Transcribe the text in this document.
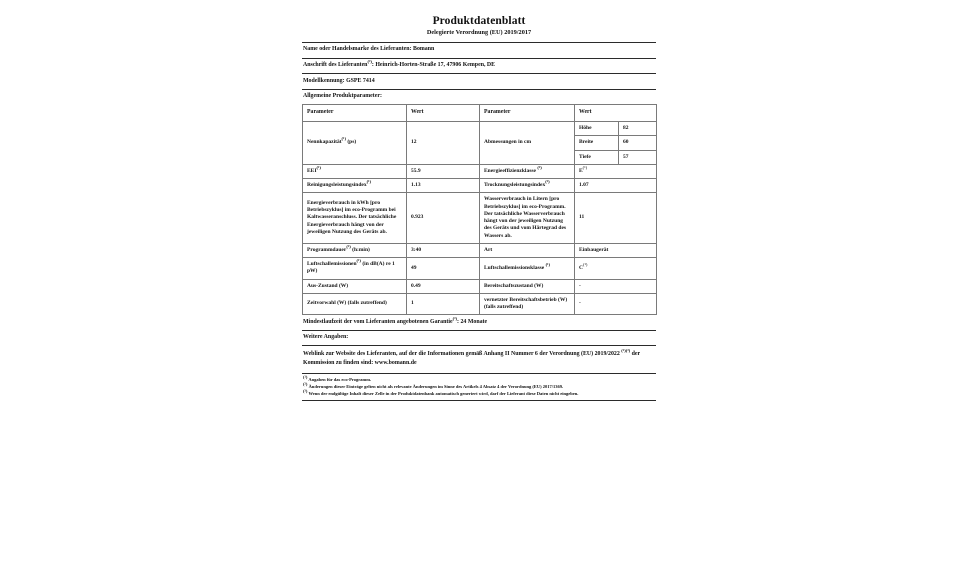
Produktdatenblatt
Delegierte Verordnung (EU) 2019/2017
Name oder Handelsmarke des Lieferanten: Bomann
Anschrift des Lieferanten$^{(^3)}$: Heinrich-Horten-Straße 17, 47906 Kempen, DE
Modellkennung: GSPE 7414
Allgemeine Produktparameter:
Parameter	Wert	Parameter	Wert	
Nennkapazität$^{(^1)}$ (ps)	12	Abmessungen in cm	Höhe	82
			Breite	60
			Tiefe	57
EEI$^{(^1)}$	55.9	Energieeffizienzklasse $^{(^2)}$	E$^{(^1)}$
Reinigungsleistungsindex$^{(^1)}$	1.13	Trocknungsleistungsindex$^{(^1)}$	1.07	
Energieverbrauch in kWh [pro Betriebszyklus] im eco-Programm bei Kaltwasseranschluss. Der tatsächliche Energieverbrauch hängt von der jeweiligen Nutzung des Geräts ab.	0.923	Wasserverbrauch in Litern [pro Betriebszyklus] im eco-Programm. Der tatsächliche Wasserverbrauch hängt von der jeweiligen Nutzung des Geräts und vom Härtegrad des Wassers ab.	11	
Programmdauer$^{(^1)}$ (h:min)	3:40	Art	Einbaugerät	
Luftschallemissionen$^{(^1)}$ (in dB(A) re 1 pW)	49	Luftschallemissionsklasse $^{(^1)}$	C$^{(^1)}$
Aus-Zustand (W)	0.49	Bereitschaftszustand (W)	-	
Zeitvorwahl (W) (falls zutreffend)	1	vernetzter Bereitschaftsbetrieb (W) (falls zutreffend)	-	
Mindestlaufzeit der vom Lieferanten angebotenen Garantie$^{(^3)}$: 24 Monate
Weitere Angaben:
Weblink zur Website des Lieferanten, auf der die Informationen gemäß Anhang II Nummer 6 der Verordnung (EU) 2019/2022 $^{(^1)(^3)}$ der Kommission zu finden sind: www.bomann.de
$^{(^1)}$ Angaben für das eco-Programm.
$^{(^2)}$ Änderungen dieser Einträge gelten nicht als relevante Änderungen im Sinne des Artikels 4 Absatz 4 der Verordnung (EU) 2017/1369.
$^{(^3)}$ Wenn der endgültige Inhalt dieser Zelle in der Produktdatenbank automatisch generiert wird, darf der Lieferant diese Daten nicht eingeben.
